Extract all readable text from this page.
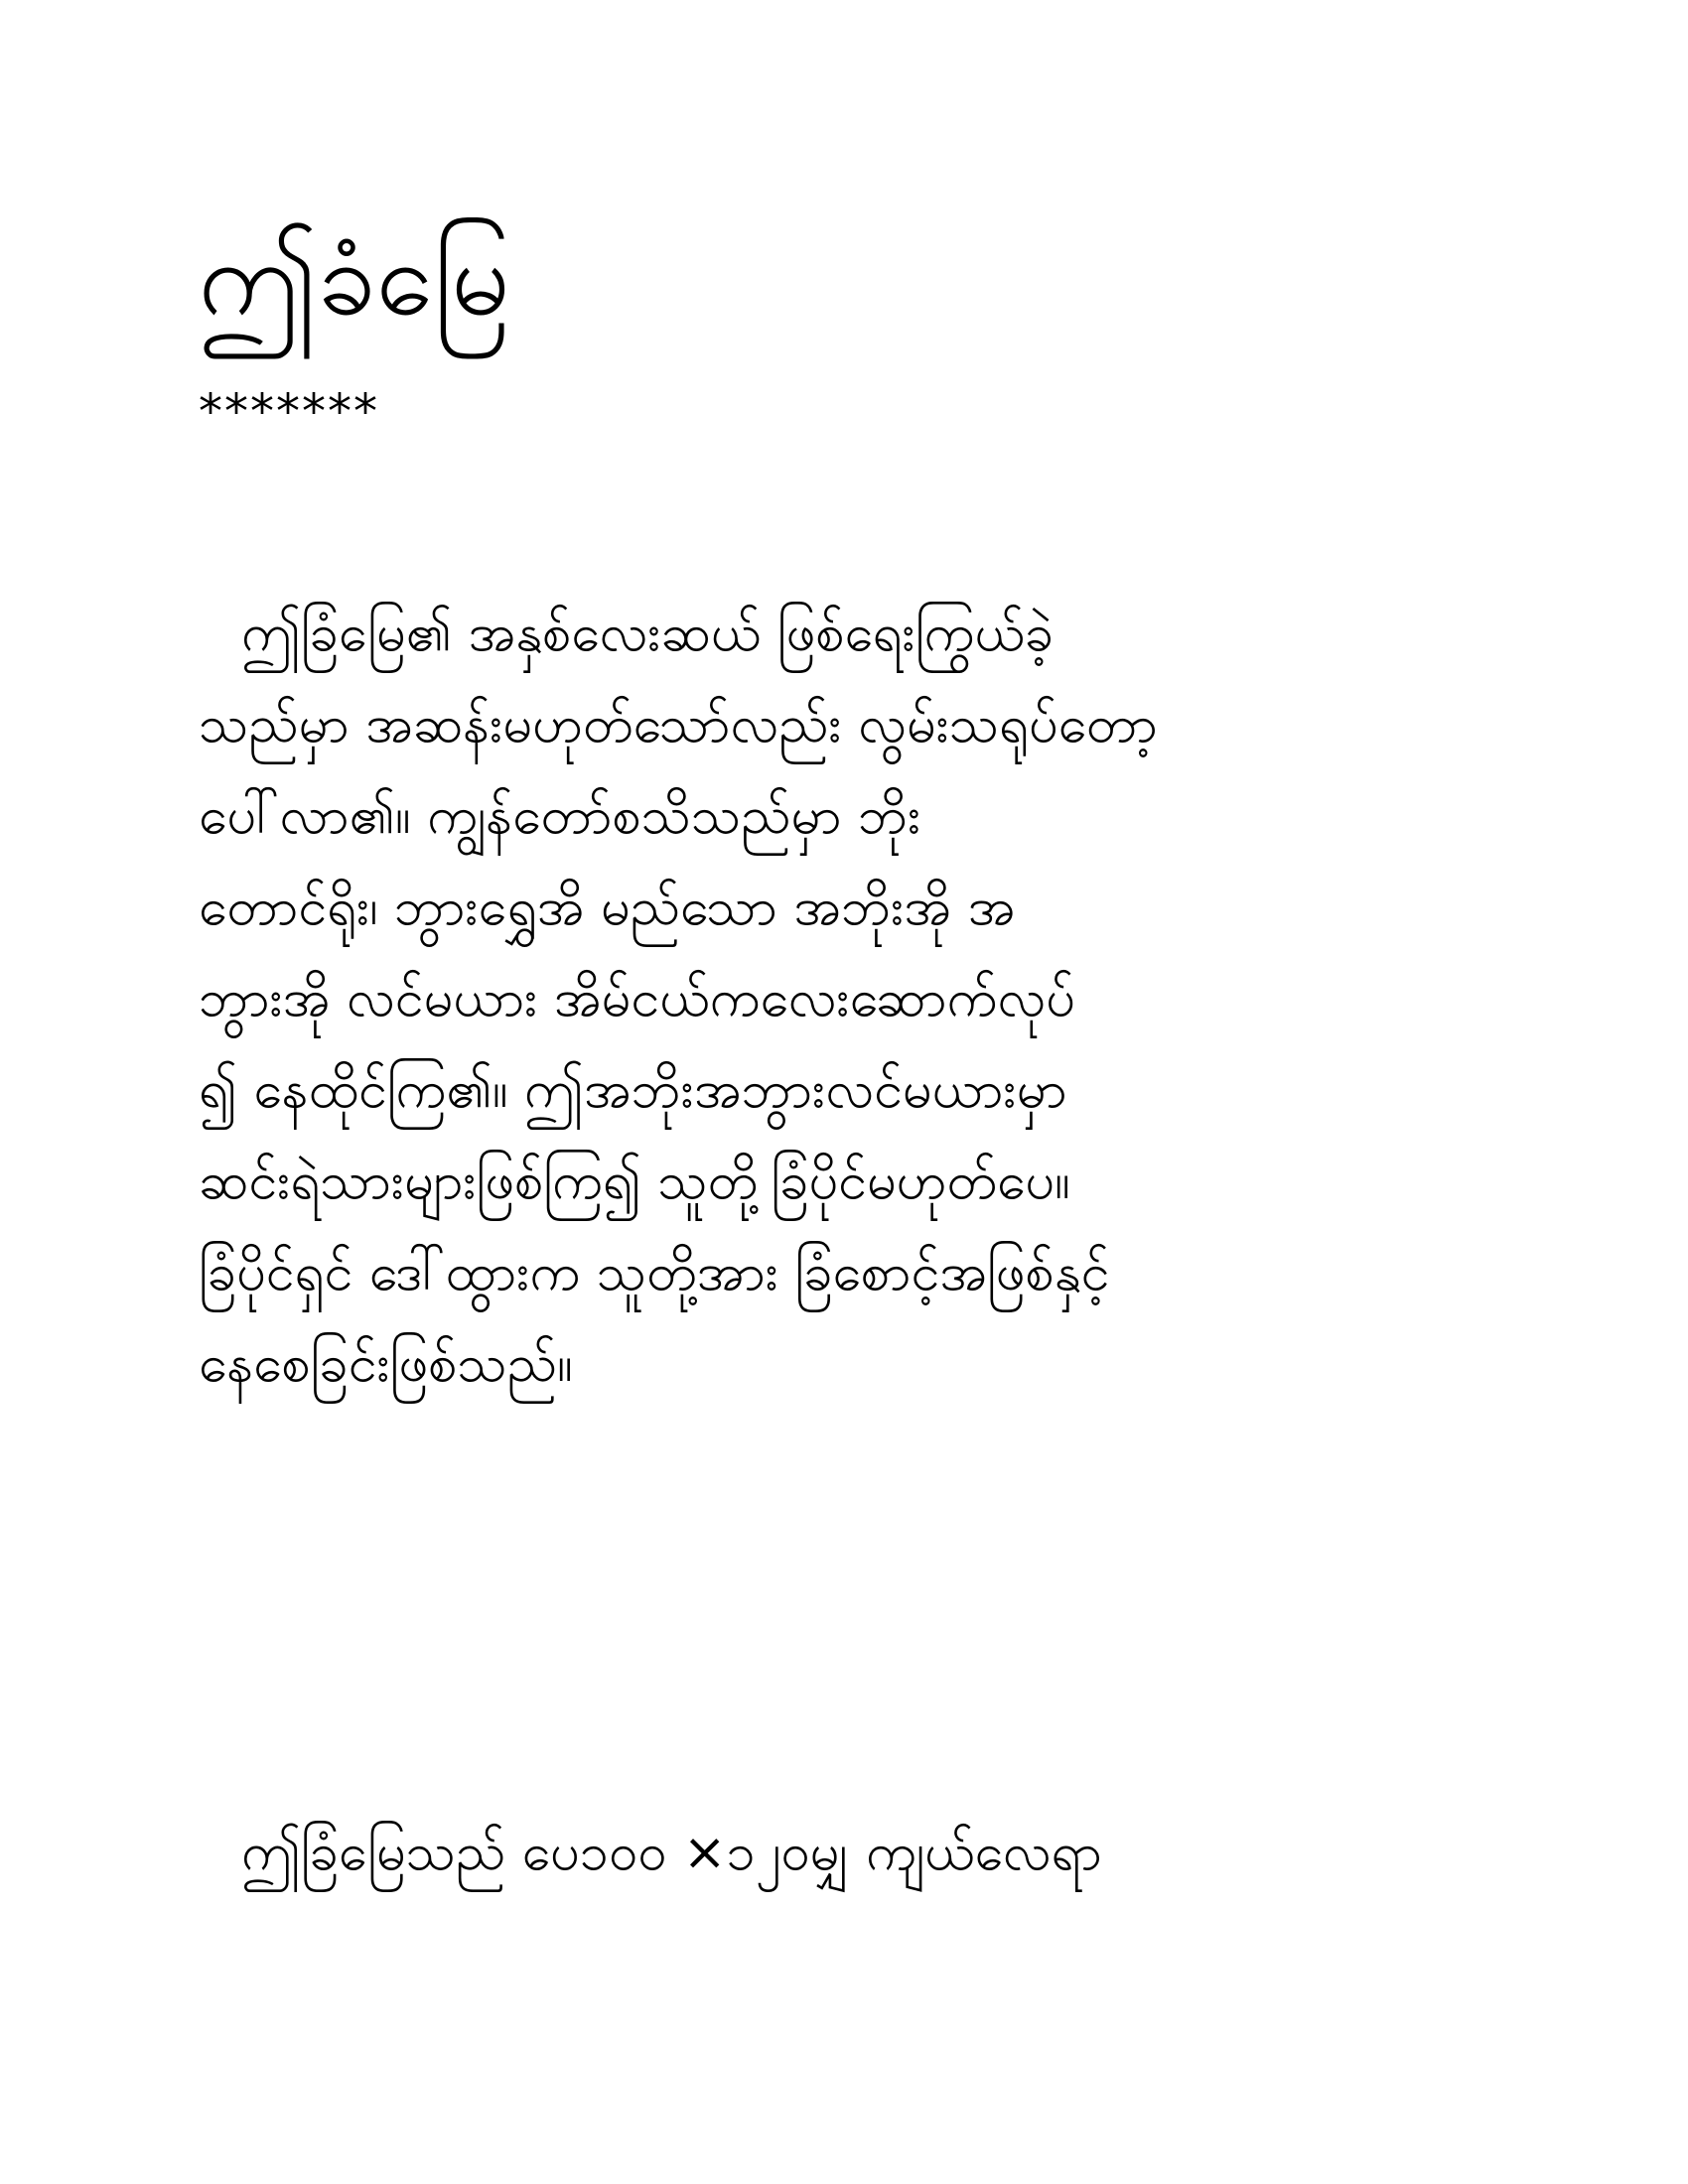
ဤခံမြေ
*******
ဤခြံမြေ၏ အနှစ်လေးဆယ် ဖြစ်ရေးကြွယ်ခဲ့
သည်မှာ အဆန်းမဟုတ်သော်လည်း လွမ်းသရုပ်တော့
ပေါ်လာ၏။ ကျွန်တော်စသိသည်မှာ ဘိုး
တောင်ရိုး၊ ဘွားရွှေအိ မည်သော အဘိုးအို အ
ဘွားအို လင်မယား အိမ်ငယ်ကလေးဆောက်လုပ်
၍ နေထိုင်ကြ၏။ ဤအဘိုးအဘွားလင်မယားမှာ
ဆင်းရဲသားများဖြစ်ကြ၍ သူတို့ခြံပိုင်မဟုတ်ပေ။
ခြံပိုင်ရှင် ဒေါ်ထွားက သူတို့အား ခြံစောင့်အဖြစ်နှင့်
နေစေခြင်းဖြစ်သည်။
ဤခြံမြေသည် ပေ၁၀၀ ×၁၂၀မျှ ကျယ်လေရာ
